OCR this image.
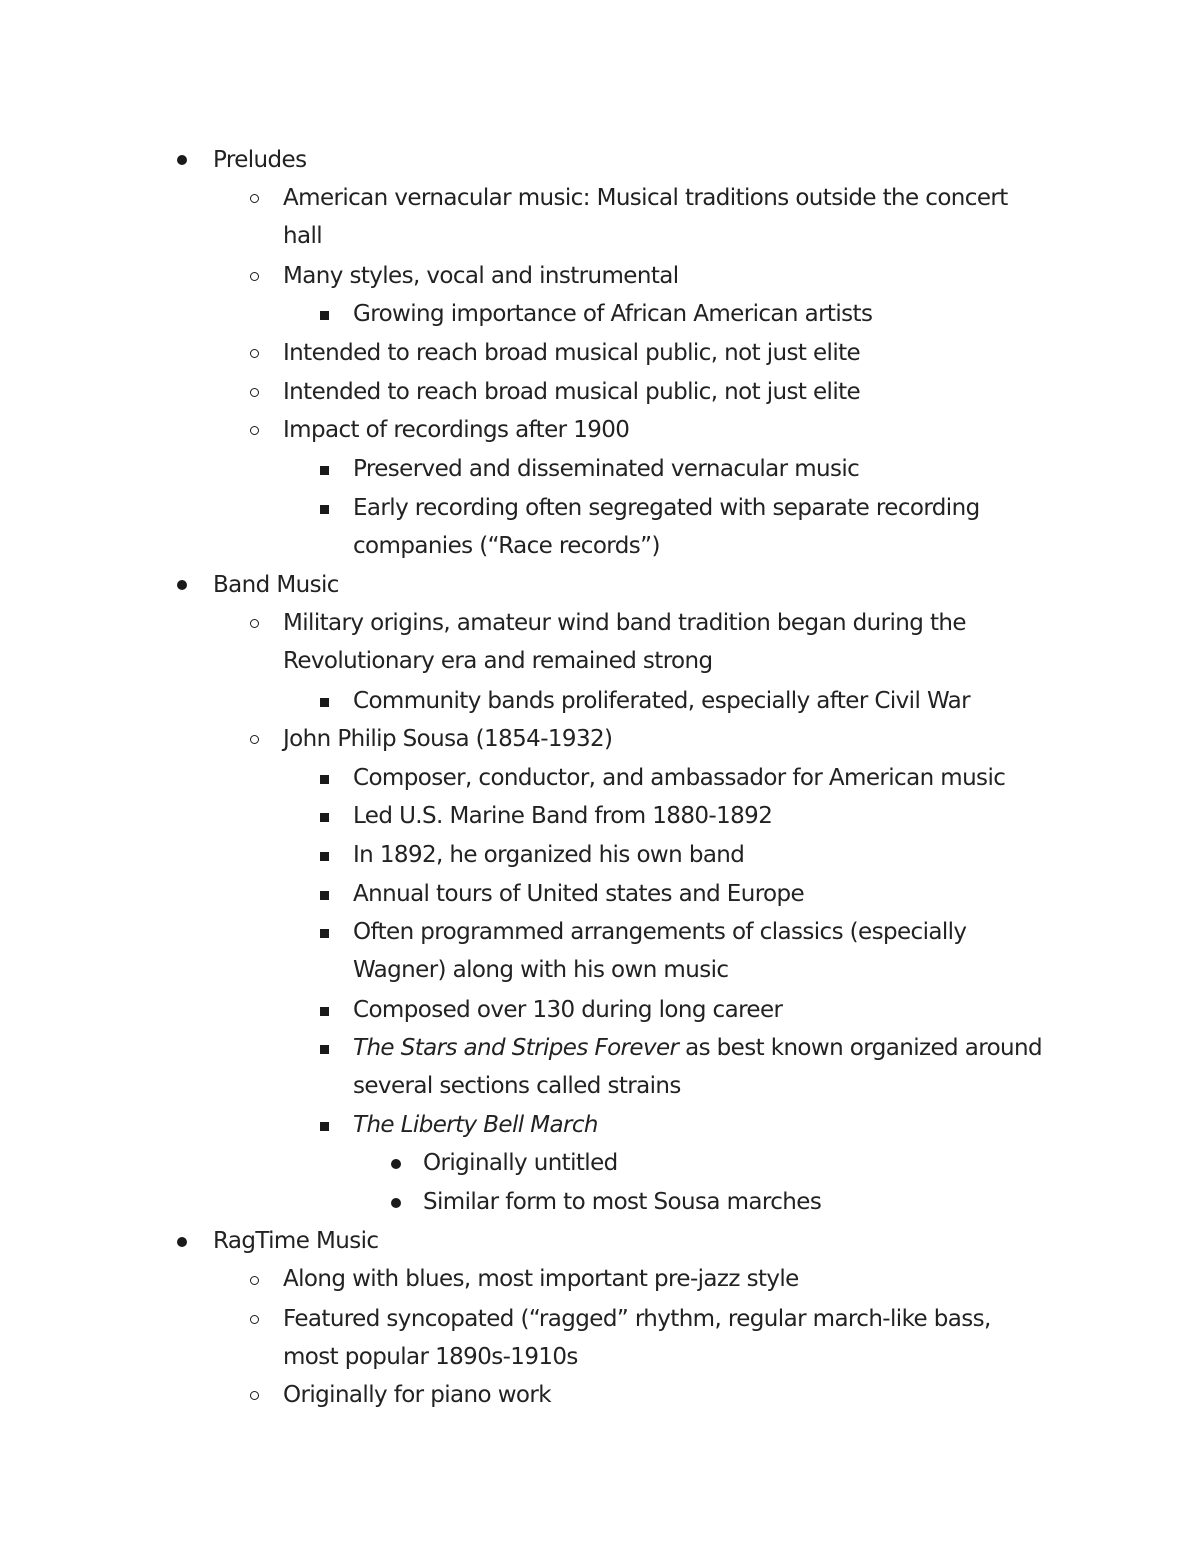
Preludes
American vernacular music: Musical traditions outside the concert
hall
Many styles, vocal and instrumental
Growing importance of African American artists
Intended to reach broad musical public, not just elite
Intended to reach broad musical public, not just elite
Impact of recordings after 1900
Preserved and disseminated vernacular music
Early recording often segregated with separate recording
companies (“Race records”)
Band Music
Military origins, amateur wind band tradition began during the
Revolutionary era and remained strong
Community bands proliferated, especially after Civil War
John Philip Sousa (1854-1932)
Composer, conductor, and ambassador for American music
Led U.S. Marine Band from 1880-1892
In 1892, he organized his own band
Annual tours of United states and Europe
Often programmed arrangements of classics (especially
Wagner) along with his own music
Composed over 130 during long career
The Stars and Stripes Forever as best known organized around
several sections called strains
The Liberty Bell March
Originally untitled
Similar form to most Sousa marches
RagTime Music
Along with blues, most important pre-jazz style
Featured syncopated (“ragged” rhythm, regular march-like bass,
most popular 1890s-1910s
Originally for piano work
